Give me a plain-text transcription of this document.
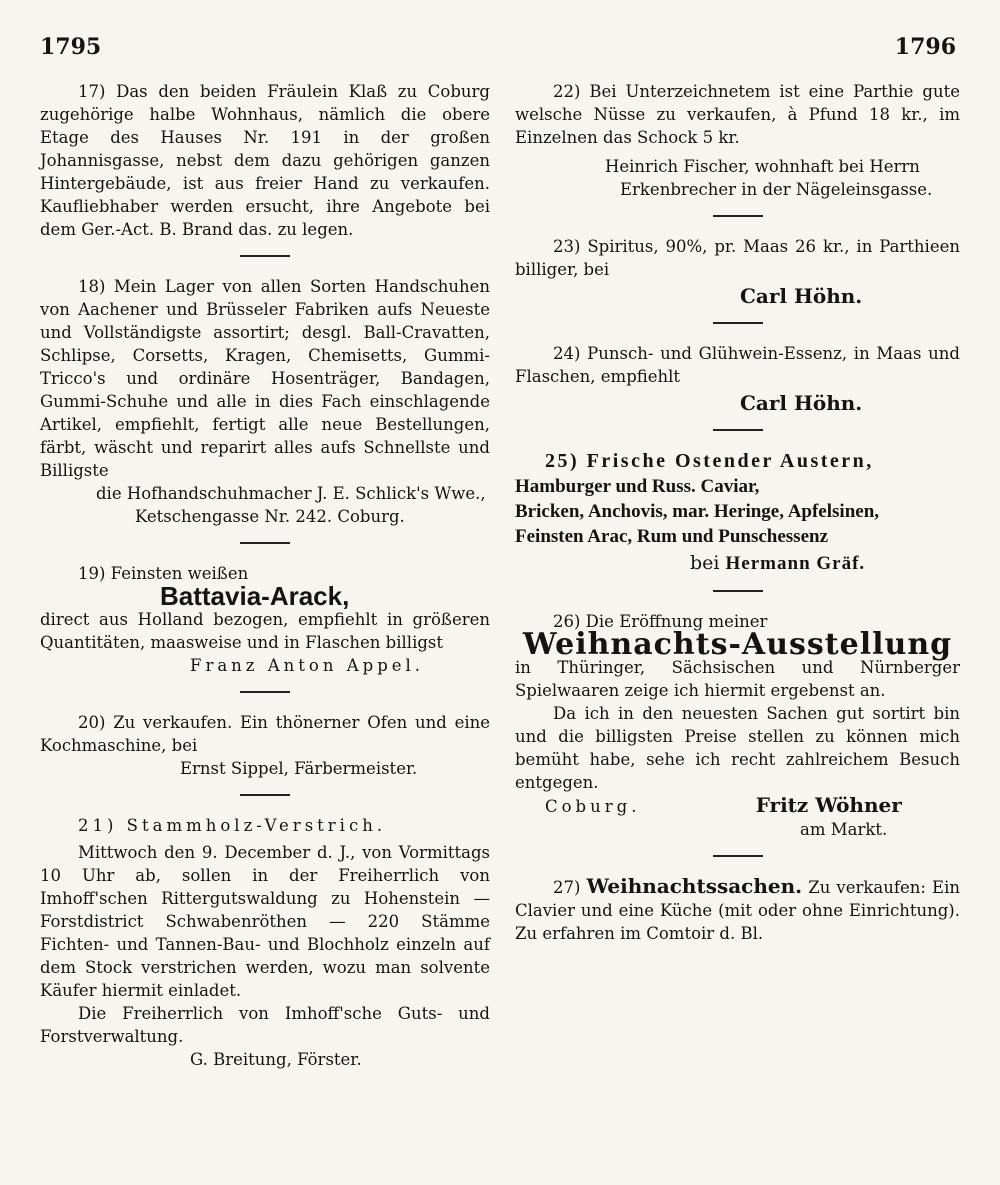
1795	1796

17) Das den beiden Fräulein Klaß zu Coburg zugehörige halbe Wohnhaus, nämlich die obere Etage des Hauses Nr. 191 in der großen Johannisgasse, nebst dem dazu gehörigen ganzen Hintergebäude, ist aus freier Hand zu verkaufen. Kaufliebhaber werden ersucht, ihre Angebote bei dem Ger.-Act. B. Brand das. zu legen.

18) Mein Lager von allen Sorten Handschuhen von Aachener und Brüsseler Fabriken aufs Neueste und Vollständigste assortirt; desgl. Ball-Cravatten, Schlipse, Corsetts, Kragen, Chemisetts, Gummi-Tricco's und ordinäre Hosenträger, Bandagen, Gummi-Schuhe und alle in dies Fach einschlagende Artikel, empfiehlt, fertigt alle neue Bestellungen, färbt, wäscht und reparirt alles aufs Schnellste und Billigste

die Hofhandschuhmacher J. E. Schlick's Wwe.,

Ketschengasse Nr. 242. Coburg.

19) Feinsten weißen

Battavia-Arack,

direct aus Holland bezogen, empfiehlt in größeren Quantitäten, maasweise und in Flaschen billigst

Franz Anton Appel.

20) Zu verkaufen. Ein thönerner Ofen und eine Kochmaschine, bei

Ernst Sippel, Färbermeister.

21) Stammholz-Verstrich.

Mittwoch den 9. December d. J., von Vormittags 10 Uhr ab, sollen in der Freiherrlich von Imhoff'schen Rittergutswaldung zu Hohenstein — Forstdistrict Schwabenröthen — 220 Stämme Fichten- und Tannen-Bau- und Blochholz einzeln auf dem Stock verstrichen werden, wozu man solvente Käufer hiermit einladet.

Die Freiherrlich von Imhoff'sche Guts- und Forstverwaltung.

G. Breitung, Förster.

22) Bei Unterzeichnetem ist eine Parthie gute welsche Nüsse zu verkaufen, à Pfund 18 kr., im Einzelnen das Schock 5 kr.

Heinrich Fischer, wohnhaft bei Herrn

Erkenbrecher in der Nägeleinsgasse.

23) Spiritus, 90%, pr. Maas 26 kr., in Parthieen billiger, bei

Carl Höhn.

24) Punsch- und Glühwein-Essenz, in Maas und Flaschen, empfiehlt

Carl Höhn.

25) Frische Ostender Austern,

Hamburger und Russ. Caviar,

Bricken, Anchovis, mar. Heringe, Apfelsinen,

Feinsten Arac, Rum und Punschessenz

bei Hermann Gräf.

26) Die Eröffnung meiner

Weihnachts-Ausstellung

in Thüringer, Sächsischen und Nürnberger Spielwaaren zeige ich hiermit ergebenst an.

Da ich in den neuesten Sachen gut sortirt bin und die billigsten Preise stellen zu können mich bemüht habe, sehe ich recht zahlreichem Besuch entgegen.

Coburg.	Fritz Wöhner

am Markt.

27) Weihnachtssachen. Zu verkaufen: Ein Clavier und eine Küche (mit oder ohne Einrichtung). Zu erfahren im Comtoir d. Bl.
